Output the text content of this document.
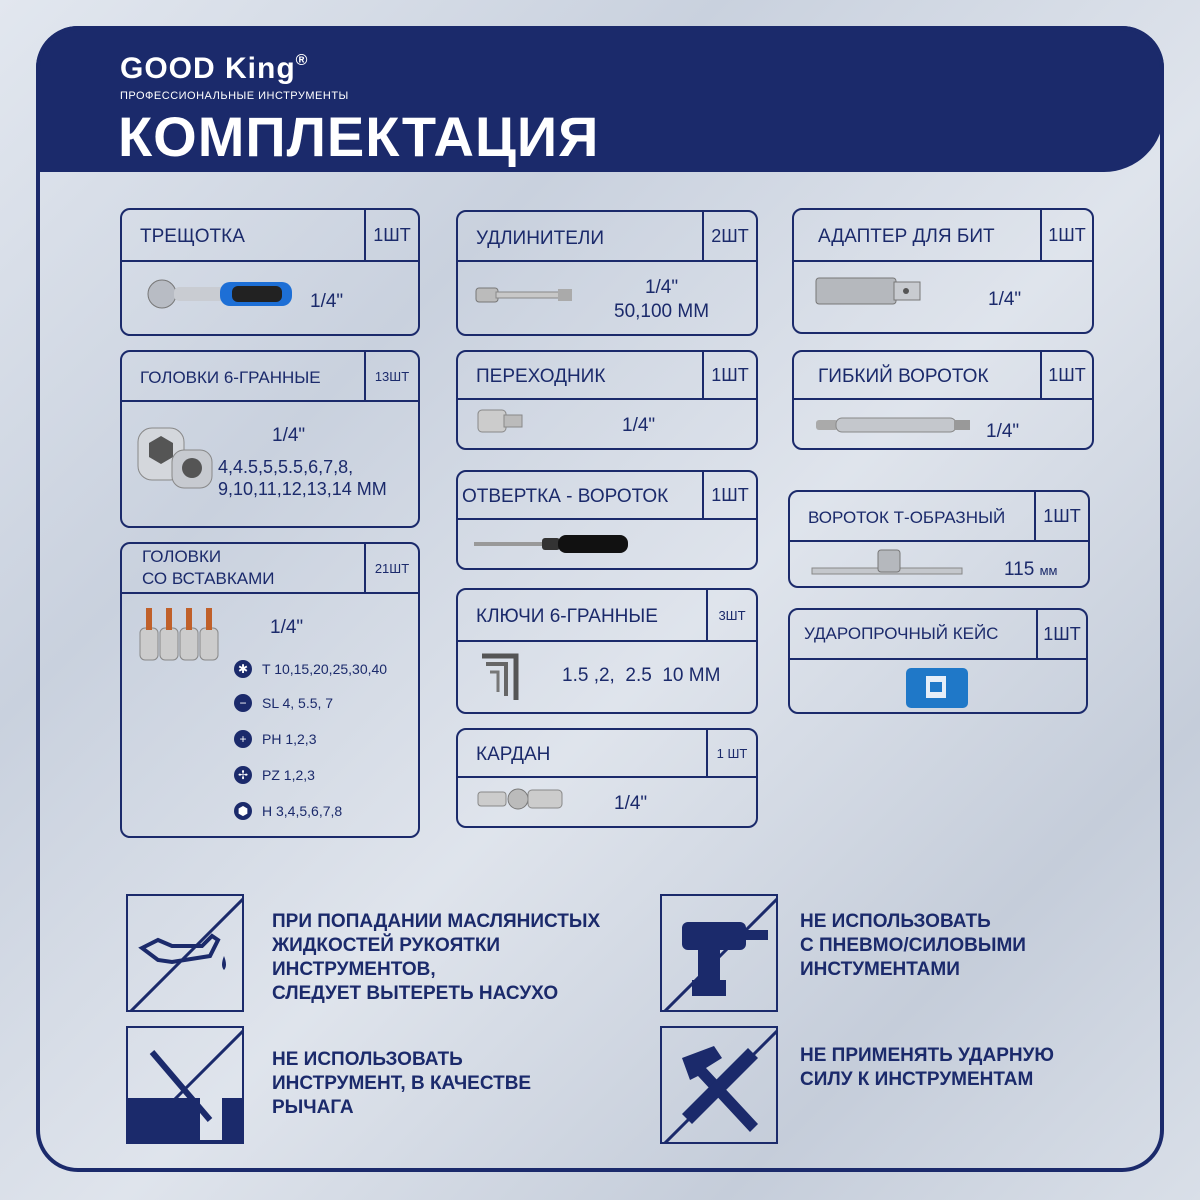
GOOD King®
ПРОФЕССИОНАЛЬНЫЕ ИНСТРУМЕНТЫ
КОМПЛЕКТАЦИЯ
ТРЕЩОТКА	1ШТ
1/4"
ГОЛОВКИ 6-ГРАННЫЕ	13ШТ
1/4"
4,4.5,5,5.5,6,7,8,
9,10,11,12,13,14 ММ
ГОЛОВКИ
СО ВСТАВКАМИ
21ШТ
1/4"
✱ T 10,15,20,25,30,40
−	SL 4, 5.5, 7
+	PH 1,2,3
✢ PZ 1,2,3
⬢ H 3,4,5,6,7,8
УДЛИНИТЕЛИ	2ШТ
1/4"
50,100 ММ
ПЕРЕХОДНИК	1ШТ
1/4"
ОТВЕРТКА - ВОРОТОК	1ШТ
КЛЮЧИ 6-ГРАННЫЕ	3ШТ
1.5 ,2,  2.5  10 ММ
КАРДАН	1 ШТ
1/4"
АДАПТЕР ДЛЯ БИТ	1ШТ
1/4"
ГИБКИЙ ВОРОТОК	1ШТ
1/4"
ВОРОТОК Т-ОБРАЗНЫЙ	1ШТ
115 мм
УДАРОПРОЧНЫЙ КЕЙС	1ШТ
ПРИ ПОПАДАНИИ МАСЛЯНИСТЫХ
ЖИДКОСТЕЙ РУКОЯТКИ
ИНСТРУМЕНТОВ,
СЛЕДУЕТ ВЫТЕРЕТЬ НАСУХО
НЕ ИСПОЛЬЗОВАТЬ
С ПНЕВМО/СИЛОВЫМИ
ИНСТУМЕНТАМИ
НЕ ИСПОЛЬЗОВАТЬ
ИНСТРУМЕНТ, В КАЧЕСТВЕ
РЫЧАГА
НЕ ПРИМЕНЯТЬ УДАРНУЮ
СИЛУ К ИНСТРУМЕНТАМ
